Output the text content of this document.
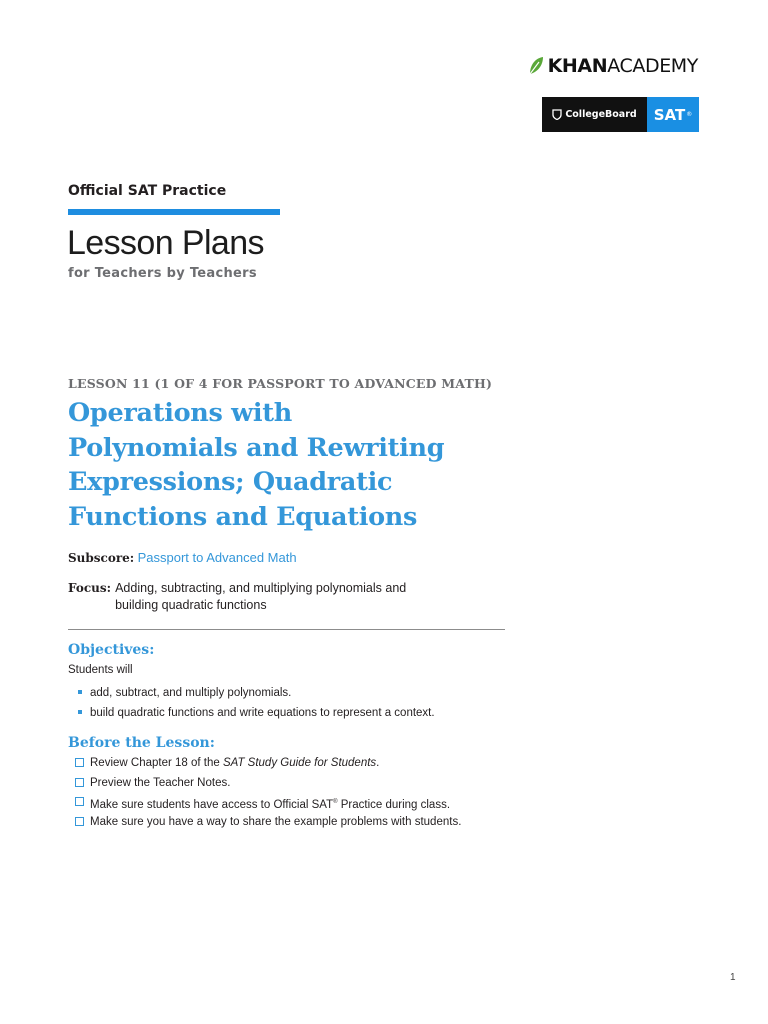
KHANACADEMY
CollegeBoard SAT ®
Official SAT Practice
Lesson Plans
for Teachers by Teachers
LESSON 11 (1 OF 4 FOR PASSPORT TO ADVANCED MATH)
Operations with
Polynomials and Rewriting
Expressions; Quadratic
Functions and Equations
Subscore: Passport to Advanced Math
Focus: Adding, subtracting, and multiplying polynomials and
building quadratic functions
Objectives:
Students will
add, subtract, and multiply polynomials.
build quadratic functions and write equations to represent a context.
Before the Lesson:
Review Chapter 18 of the SAT Study Guide for Students.
Preview the Teacher Notes.
Make sure students have access to Official SAT® Practice during class.
Make sure you have a way to share the example problems with students.
1
